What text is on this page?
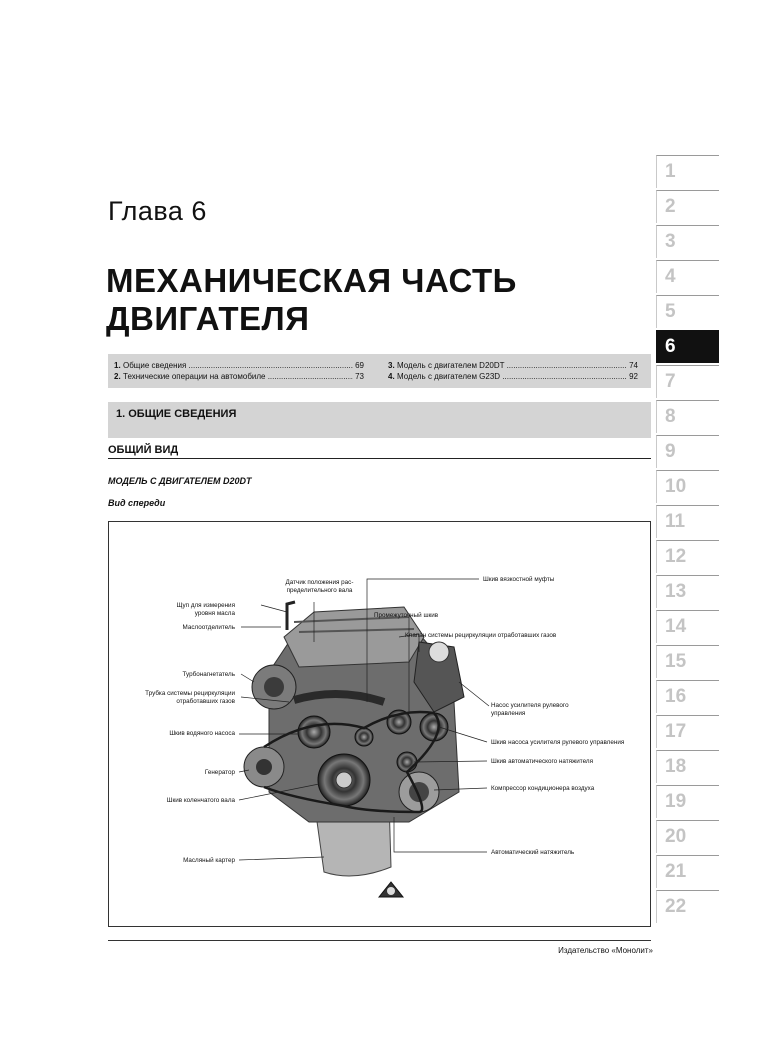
Глава 6
МЕХАНИЧЕСКАЯ ЧАСТЬ
ДВИГАТЕЛЯ
1. Общие сведения .....	69
2. Технические операции на автомобиле .....	73
3. Модель с двигателем D20DT .....	74
4. Модель с двигателем G23D .....	92
1. ОБЩИЕ СВЕДЕНИЯ
ОБЩИЙ ВИД
МОДЕЛЬ С ДВИГАТЕЛЕМ D20DT
Вид спереди
Датчик положения рас-
пределительного вала
Шкив вязкостной муфты
Щуп для измерения
уровня масла	Промежуточный шкив
Маслоотделитель
Клапан системы рециркуляции отработавших газов
Турбонагнетатель
Трубка системы рециркуляции
отработавших газов
Насос усилителя рулевого
управления
Шкив водяного насоса
Шкив насоса усилителя рулевого управления
Шкив автоматического натяжителя
Генератор
Компрессор кондиционера воздуха
Шкив коленчатого вала
Автоматический натяжитель
Масляный картер
Издательство «Монолит»
1
2
3
4
5
6
7
8
9
10
11
12
13
14
15
16
17
18
19
20
21
22
